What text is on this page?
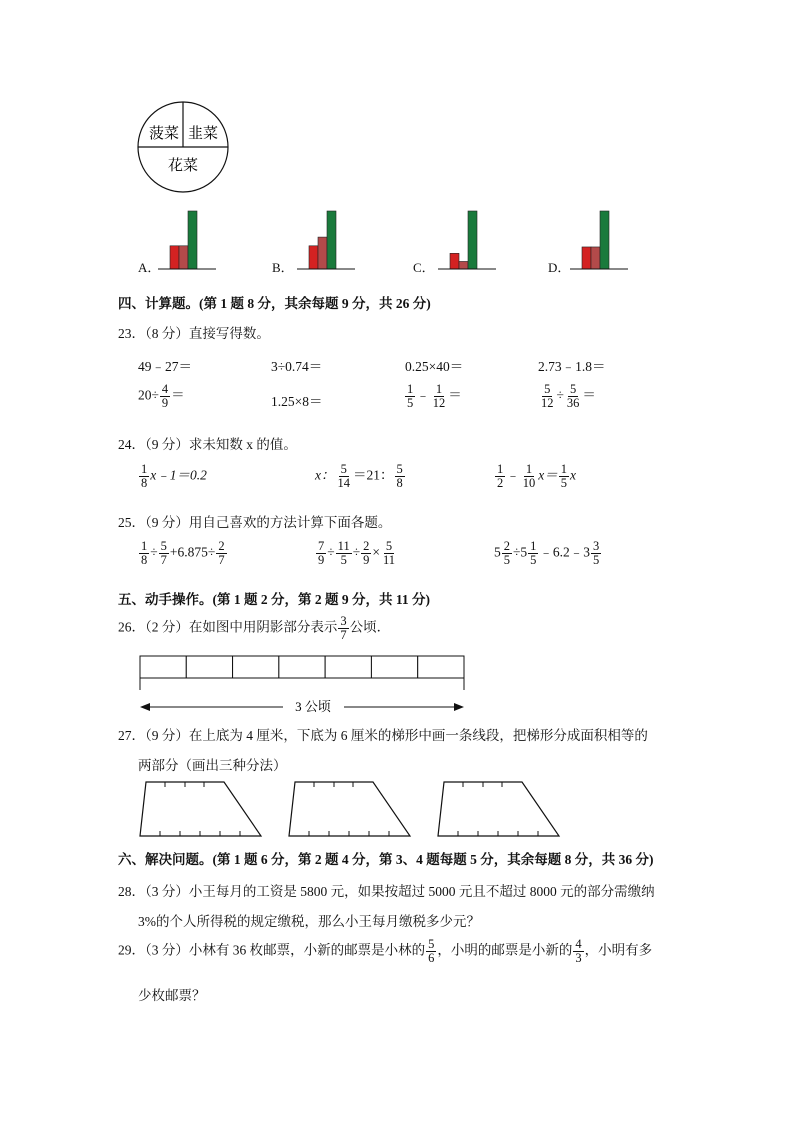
菠菜 韭菜
花菜
A．	B．	C．	D．
四、计算题。(第 1 题 8 分，其余每题 9 分，共 26 分)
23．（8 分）直接写得数。
49﹣27＝	3÷0.74＝	0.25×40＝	2.73﹣1.8＝
$20\div \frac{4}{9}$ ＝	1.25×8＝	$\frac{1}{5}$ ﹣ $\frac{1}{12}$ ＝	$\frac{5}{12} \div \frac{5}{36}$ ＝
24．（9 分）求未知数 x 的值。
$\frac{1}{8}$ x﹣1＝0.2	x： $\frac{5}{14} =21$： $\frac{5}{8}$	$\frac{1}{2}$ ﹣ $\frac{1}{10} x= \frac{1}{5}$ x
25．（9 分）用自己喜欢的方法计算下面各题。
$\frac{1}{8} \div \frac{5}{7} +6.875\div \frac{2}{7}$	$\frac{7}{9} \div \frac{11}{5} \div \frac{2}{9} \times \frac{5}{11}$	$5 \frac{2}{5} \div 5 \frac{1}{5}$ ﹣6.2﹣3 $\frac{3}{5}$
五、动手操作。(第 1 题 2 分，第 2 题 9 分，共 11 分)
26．（2 分）在如图中用阴影部分表示 $\frac{3}{7}$ 公顷．
3 公顷
27．（9 分）在上底为 4 厘米，下底为 6 厘米的梯形中画一条线段，把梯形分成面积相等的
两部分（画出三种分法）
六、解决问题。(第 1 题 6 分，第 2 题 4 分，第 3、4 题每题 5 分，其余每题 8 分，共 36 分)
28．（3 分）小王每月的工资是 5800 元，如果按超过 5000 元且不超过 8000 元的部分需缴纳
3%的个人所得税的规定缴税，那么小王每月缴税多少元？
29．（3 分）小林有 36 枚邮票，小新的邮票是小林的 $\frac{5}{6}$ ，小明的邮票是小新的 $\frac{4}{3}$ ，小明有多
少枚邮票？
